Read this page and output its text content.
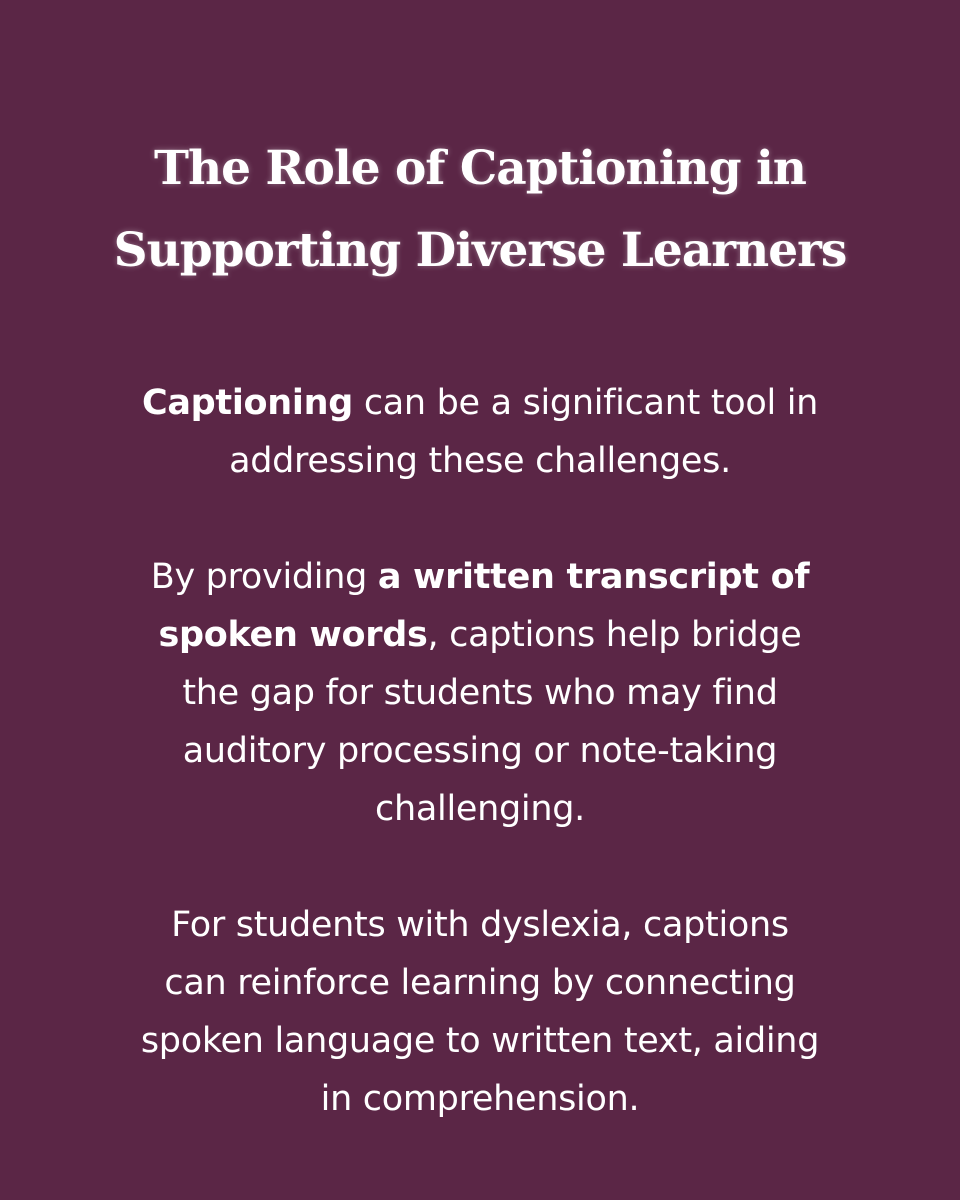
The Role of Captioning in
Supporting Diverse Learners

Captioning can be a significant tool in
addressing these challenges.

By providing a written transcript of
spoken words, captions help bridge
the gap for students who may find
auditory processing or note-taking
challenging.

For students with dyslexia, captions
can reinforce learning by connecting
spoken language to written text, aiding
in comprehension.
